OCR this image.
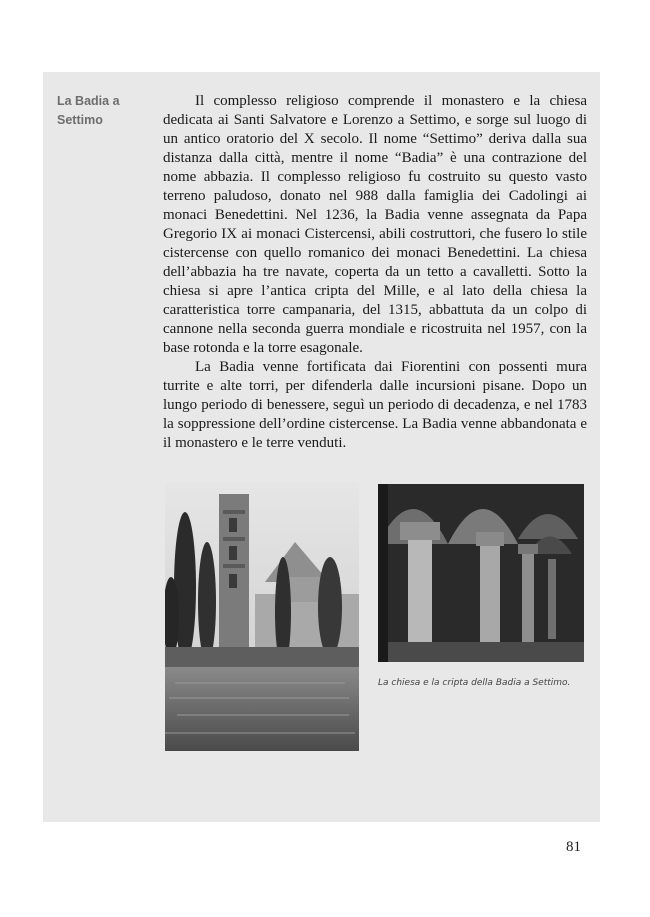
La Badia a Settimo

Il complesso religioso comprende il monastero e la chiesa dedicata ai Santi Salvatore e Lorenzo a Settimo, e sorge sul luogo di un antico oratorio del X secolo. Il nome “Settimo” deriva dalla sua distanza dalla città, mentre il nome “Badia” è una contrazione del nome abbazia. Il complesso religioso fu costruito su questo vasto terreno paludoso, donato nel 988 dalla famiglia dei Cadolingi ai monaci Benedettini. Nel 1236, la Badia venne assegnata da Papa Gregorio IX ai monaci Cistercensi, abili costruttori, che fusero lo stile cistercense con quello romanico dei monaci Benedettini. La chiesa dell’abbazia ha tre navate, coperta da un tetto a cavalletti. Sotto la chiesa si apre l’antica cripta del Mille, e al lato della chiesa la caratteristica torre campanaria, del 1315, abbattuta da un colpo di cannone nella seconda guerra mondiale e ricostruita nel 1957, con la base rotonda e la torre esagonale.

La Badia venne fortificata dai Fiorentini con possenti mura turrite e alte torri, per difenderla dalle incursioni pisane. Dopo un lungo periodo di benessere, seguì un periodo di decadenza, e nel 1783 la soppressione dell’ordine cistercense. La Badia venne abbandonata e il monastero e le terre venduti.

La chiesa e la cripta della Badia a Settimo.
81
